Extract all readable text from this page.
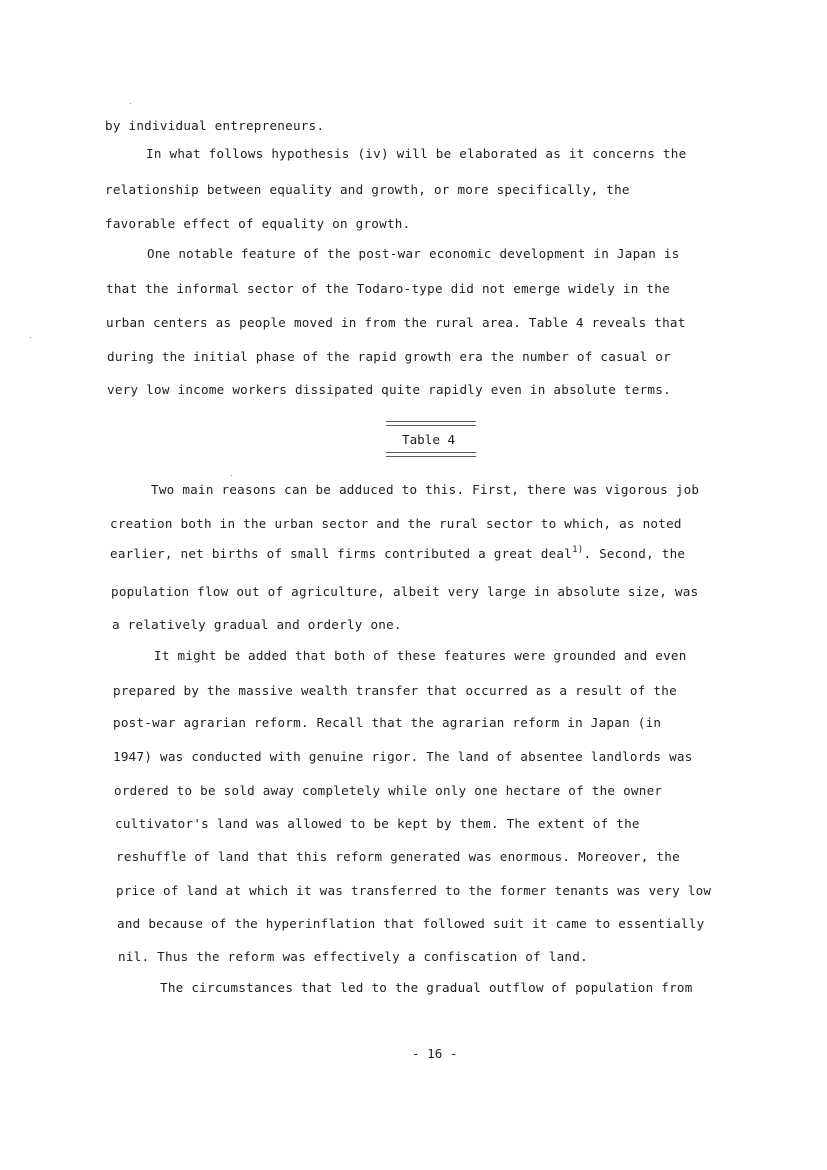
by individual entrepreneurs.
In what follows hypothesis (iv) will be elaborated as it concerns the
relationship between equality and growth, or more specifically, the
favorable effect of equality on growth.
One notable feature of the post-war economic development in Japan is
that the informal sector of the Todaro-type did not emerge widely in the
urban centers as people moved in from the rural area. Table 4 reveals that
during the initial phase of the rapid growth era the number of casual or
very low income workers dissipated quite rapidly even in absolute terms.
Table 4
Two main reasons can be adduced to this. First, there was vigorous job
creation both in the urban sector and the rural sector to which, as noted
earlier, net births of small firms contributed a great deal$^{1)}$. Second, the
population flow out of agriculture, albeit very large in absolute size, was
a relatively gradual and orderly one.
It might be added that both of these features were grounded and even
prepared by the massive wealth transfer that occurred as a result of the
post-war agrarian reform. Recall that the agrarian reform in Japan (in
1947) was conducted with genuine rigor. The land of absentee landlords was
ordered to be sold away completely while only one hectare of the owner
cultivator's land was allowed to be kept by them. The extent of the
reshuffle of land that this reform generated was enormous. Moreover, the
price of land at which it was transferred to the former tenants was very low
and because of the hyperinflation that followed suit it came to essentially
nil. Thus the reform was effectively a confiscation of land.
The circumstances that led to the gradual outflow of population from
- 16 -
